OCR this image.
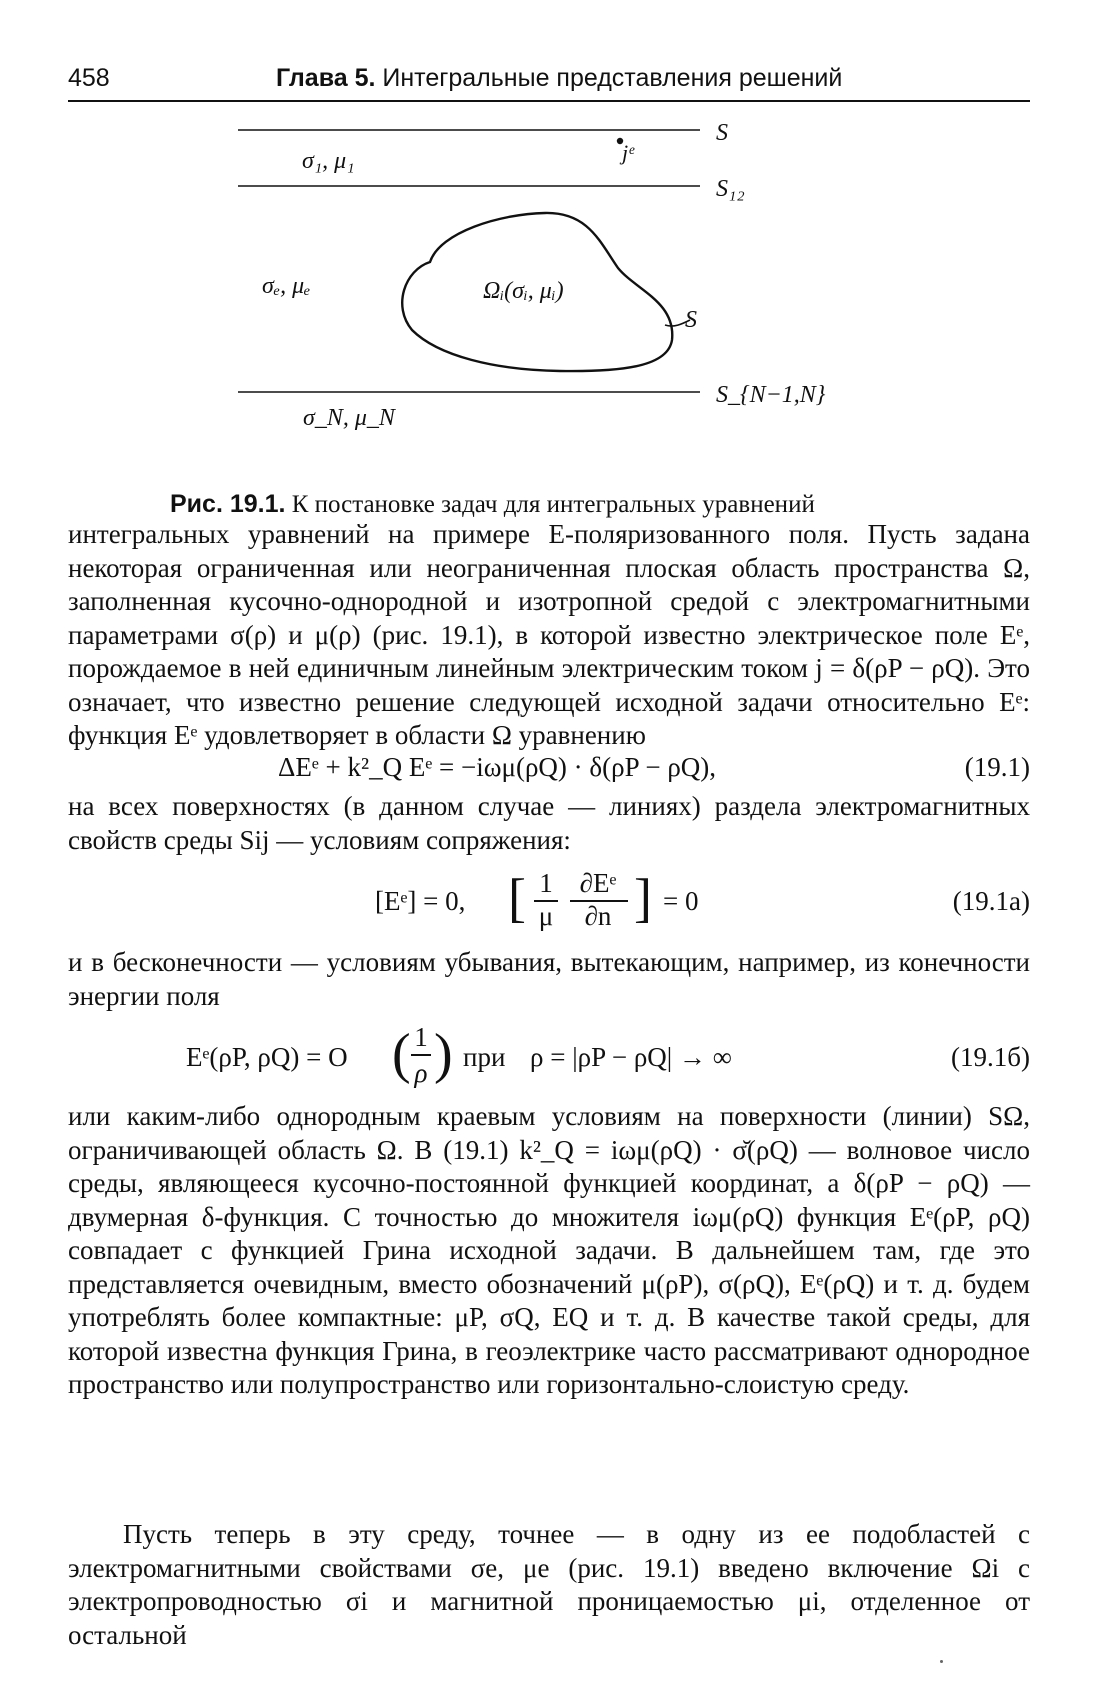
458	Глава 5. Интегральные представления решений
σ₁, μ₁	jᵉ
S
S₁₂
σₑ, μₑ	Ωᵢ(σᵢ, μᵢ)
S
S_{N−1,N}
σ_N, μ_N
Рис. 19.1. К постановке задач для интегральных уравнений

интегральных уравнений на примере E-поляризованного поля. Пусть задана некоторая ограниченная или неограниченная плоская область пространства Ω, заполненная кусочно-однородной и изотропной средой с электромагнитными параметрами σ(ρ) и μ(ρ) (рис. 19.1), в которой известно электрическое поле Eᵉ, порождаемое в ней единичным линейным электрическим током j = δ(ρP − ρQ). Это означает, что известно решение следующей исходной задачи относительно Eᵉ: функция Eᵉ удовлетворяет в области Ω уравнению

ΔEᵉ + k²_Q Eᵉ = −iωμ(ρQ) · δ(ρP − ρQ),	(19.1)

на всех поверхностях (в данном случае — линиях) раздела электромагнитных свойств среды Sij — условиям сопряжения:

[Eᵉ] = 0, [ 1
μ
∂Eᵉ
∂n ] = 0	(19.1a)

и в бесконечности — условиям убывания, вытекающим, например, из конечности энергии поля

Eᵉ(ρP, ρQ) = O ( 1
ρ ) при ρ = |ρP − ρQ| → ∞	(19.1б)

или каким-либо однородным краевым условиям на поверхности (линии) SΩ, ограничивающей область Ω. В (19.1) k²_Q = iωμ(ρQ) · σ̆(ρQ) — волновое число среды, являющееся кусочно-постоянной функцией координат, а δ(ρP − ρQ) — двумерная δ-функция. С точностью до множителя iωμ(ρQ) функция Eᵉ(ρP, ρQ) совпадает с функцией Грина исходной задачи. В дальнейшем там, где это представляется очевидным, вместо обозначений μ(ρP), σ(ρQ), Eᵉ(ρQ) и т. д. будем употреблять более компактные: μP, σQ, EQ и т. д. В качестве такой среды, для которой известна функция Грина, в геоэлектрике часто рассматривают однородное пространство или полупространство или горизонтально-слоистую среду.

Пусть теперь в эту среду, точнее — в одну из ее подобластей с электромагнитными свойствами σe, μe (рис. 19.1) введено включение Ωi с электропроводностью σi и магнитной проницаемостью μi, отделенное от остальной
